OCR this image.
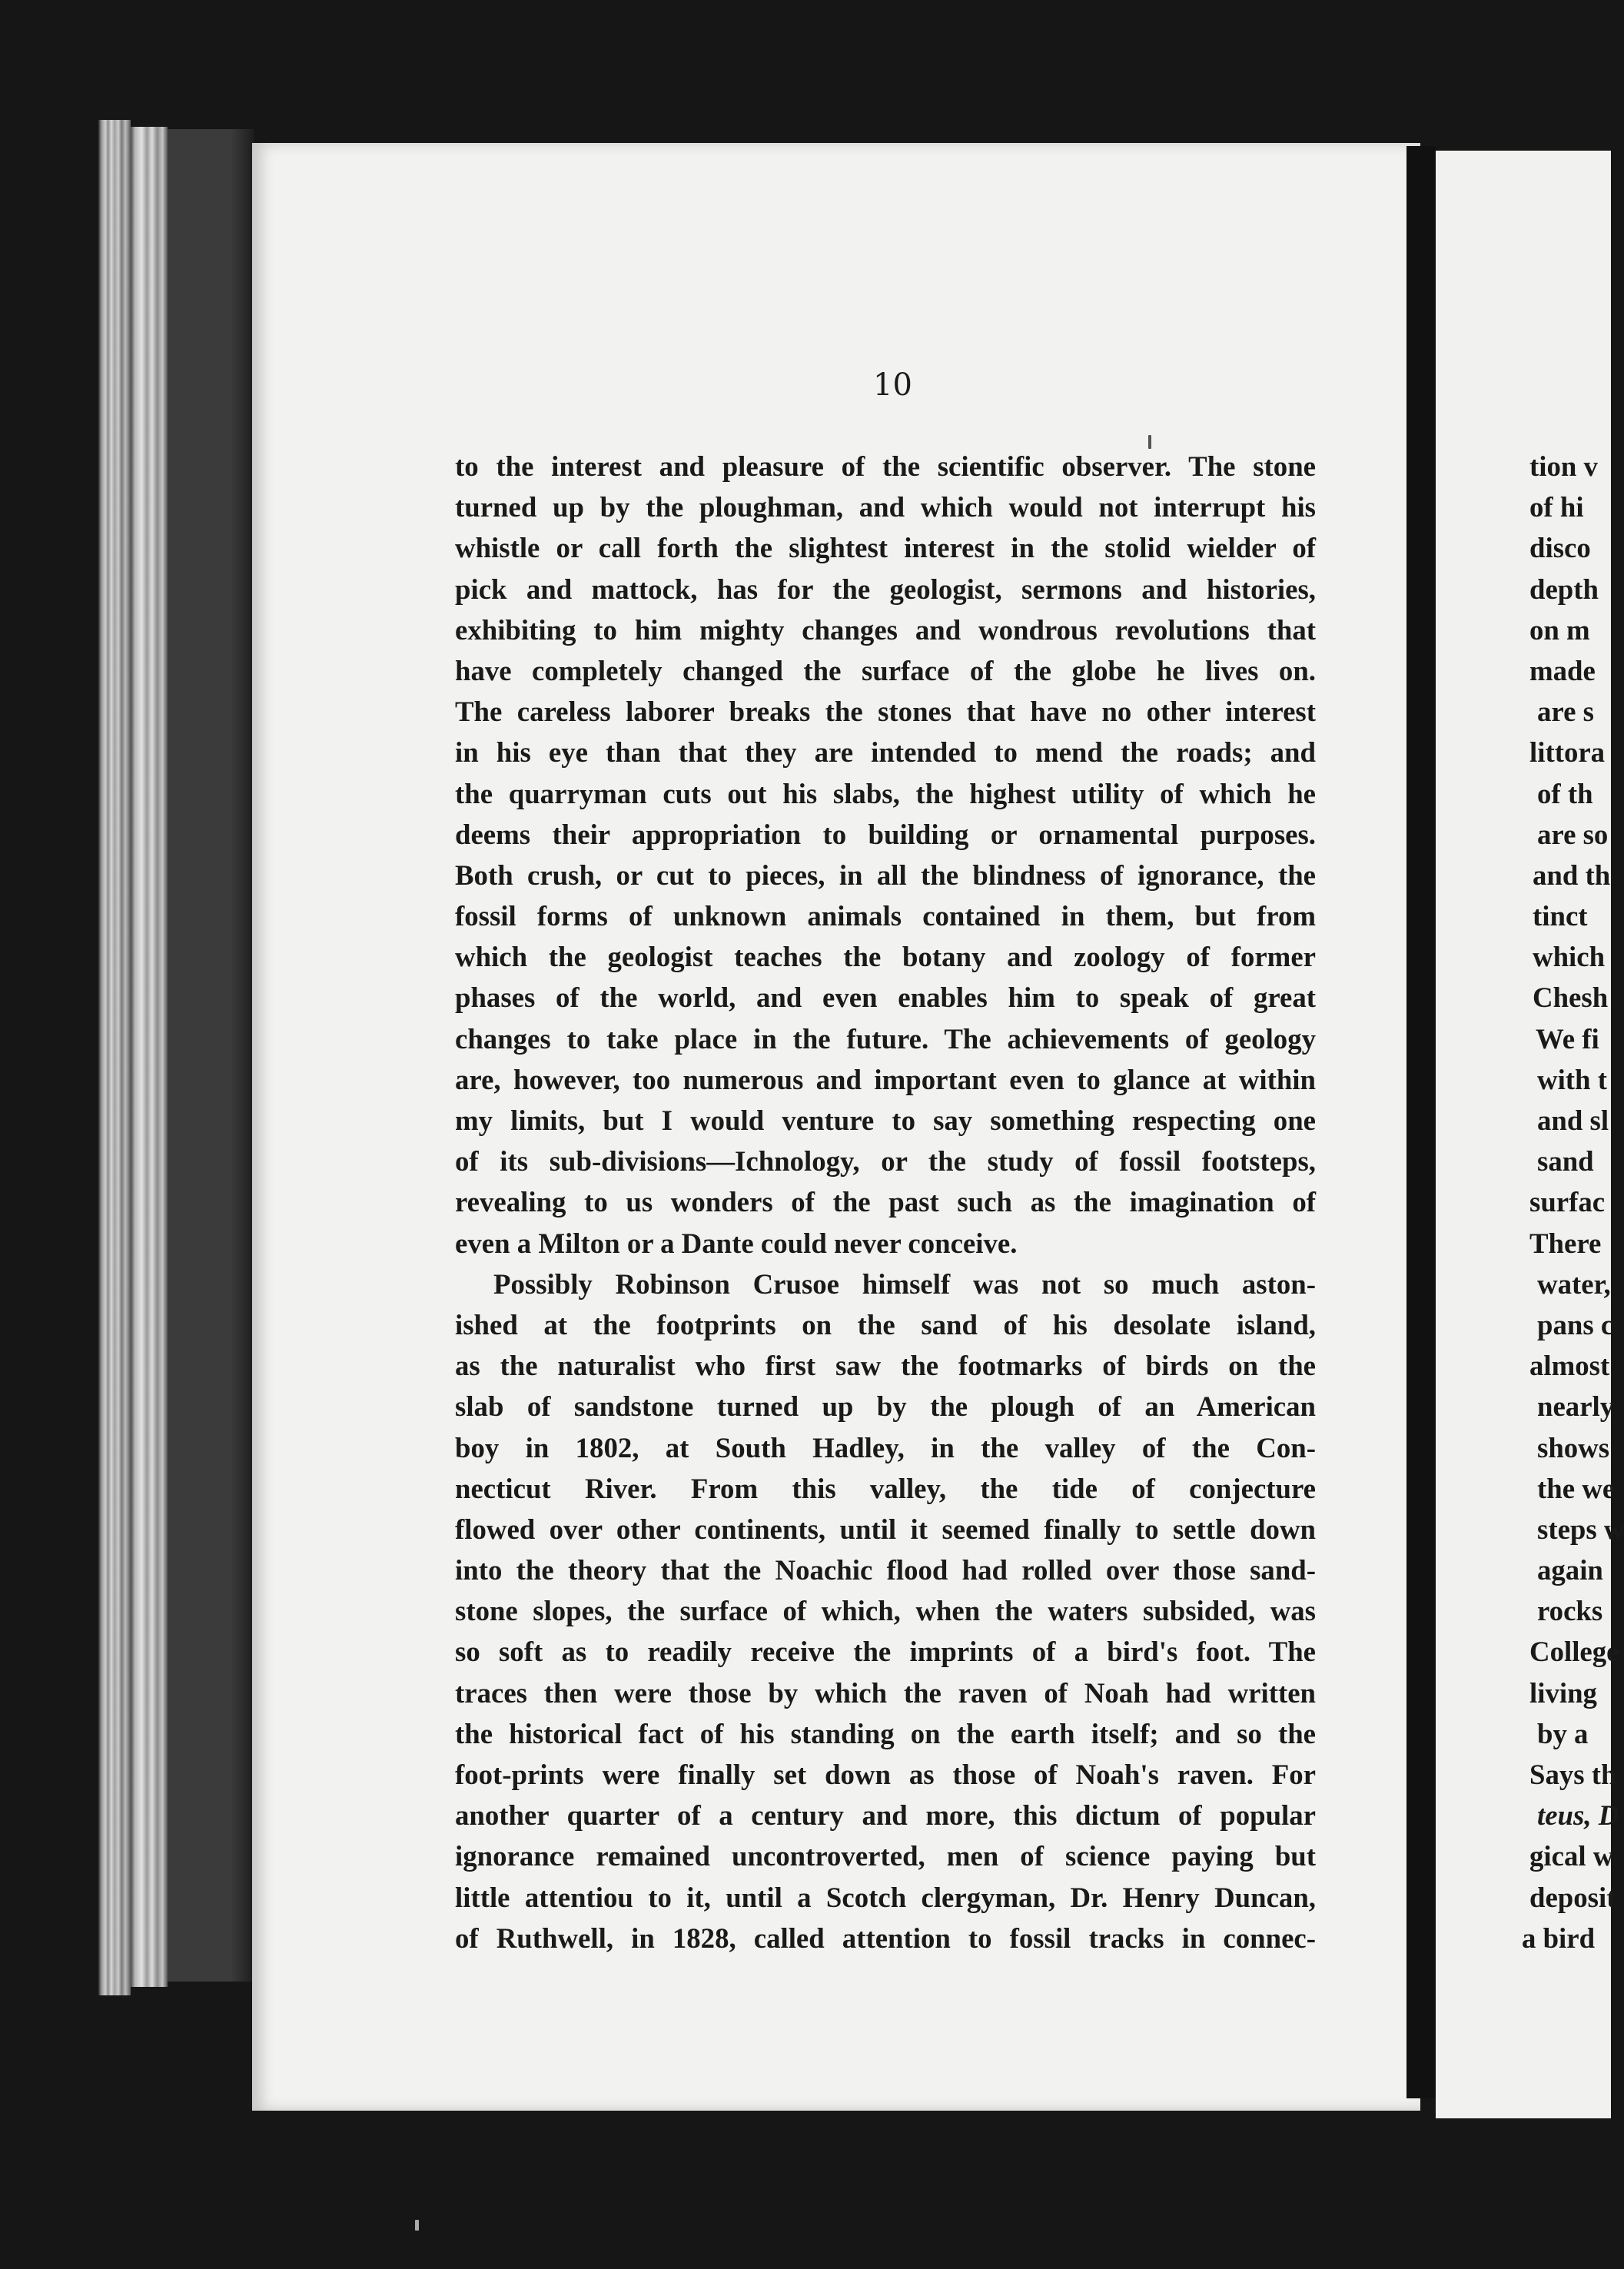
10
to the interest and pleasure of the scientific observer. The stone
turned up by the ploughman, and which would not interrupt his
whistle or call forth the slightest interest in the stolid wielder of
pick and mattock, has for the geologist, sermons and histories,
exhibiting to him mighty changes and wondrous revolutions that
have completely changed the surface of the globe he lives on.
The careless laborer breaks the stones that have no other interest
in his eye than that they are intended to mend the roads; and
the quarryman cuts out his slabs, the highest utility of which he
deems their appropriation to building or ornamental purposes.
Both crush, or cut to pieces, in all the blindness of ignorance, the
fossil forms of unknown animals contained in them, but from
which the geologist teaches the botany and zoology of former
phases of the world, and even enables him to speak of great
changes to take place in the future. The achievements of geology
are, however, too numerous and important even to glance at within
my limits, but I would venture to say something respecting one
of its sub-divisions—Ichnology, or the study of fossil footsteps,
revealing to us wonders of the past such as the imagination of
even a Milton or a Dante could never conceive.
Possibly Robinson Crusoe himself was not so much aston-
ished at the footprints on the sand of his desolate island,
as the naturalist who first saw the footmarks of birds on the
slab of sandstone turned up by the plough of an American
boy in 1802, at South Hadley, in the valley of the Con-
necticut River. From this valley, the tide of conjecture
flowed over other continents, until it seemed finally to settle down
into the theory that the Noachic flood had rolled over those sand-
stone slopes, the surface of which, when the waters subsided, was
so soft as to readily receive the imprints of a bird's foot. The
traces then were those by which the raven of Noah had written
the historical fact of his standing on the earth itself; and so the
foot-prints were finally set down as those of Noah's raven. For
another quarter of a century and more, this dictum of popular
ignorance remained uncontroverted, men of science paying but
little attentiou to it, until a Scotch clergyman, Dr. Henry Duncan,
of Ruthwell, in 1828, called attention to fossil tracks in connec-
tion v
of hi
disco
depth
on m
made
are s
littora
of th
are so
and th
tinct
which
Chesh
We fi
with t
and sl
sand
surfac
There
water,
pans c
almost
nearly
shows
the we
steps w
again
rocks
College
living
by a
Says th
teus, D
gical w
deposit
a bird
